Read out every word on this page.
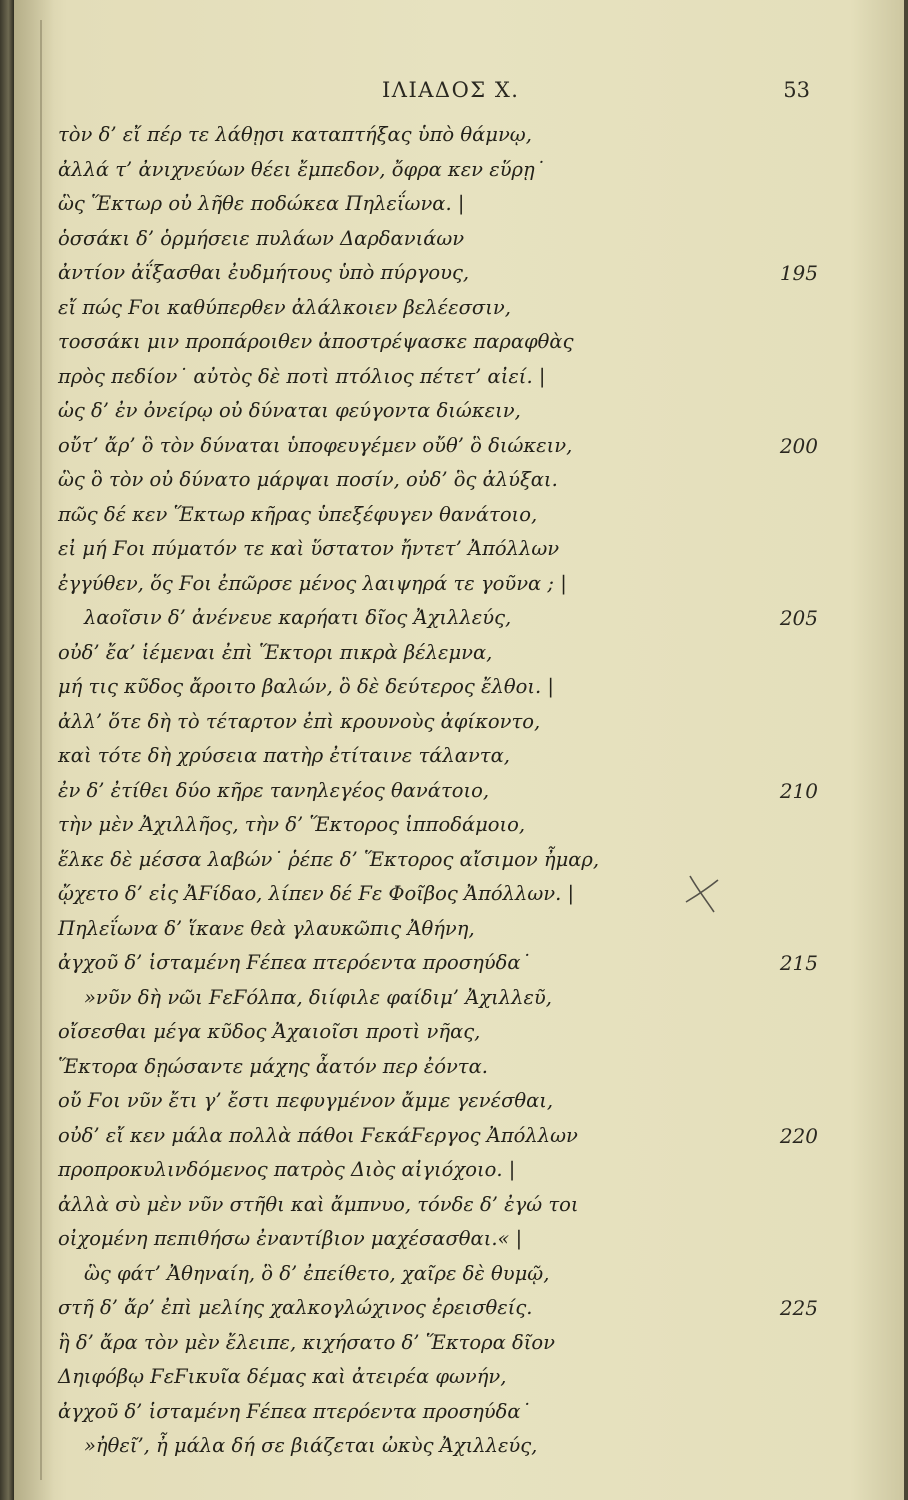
ΙΛΙΑΔΟΣ Χ.	53
τὸν δ’ εἴ πέρ τε λάθῃσι καταπτήξας ὑπὸ θάμνῳ,
ἀλλά τ’ ἀνιχνεύων θέει ἔμπεδον, ὄφρα κεν εὕρῃ˙
ὣς Ἕκτωρ οὐ λῆθε ποδώκεα Πηλεΐωνα. |
ὁσσάκι δ’ ὁρμήσειε πυλάων Δαρδανιάων
ἀντίον ἀΐξασθαι ἐυδμήτους ὑπὸ πύργους,	195
εἴ πώς Ϝοι καθύπερθεν ἀλάλκοιεν βελέεσσιν,
τοσσάκι μιν προπάροιθεν ἀποστρέψασκε παραφθὰς
πρὸς πεδίον˙ αὐτὸς δὲ ποτὶ πτόλιος πέτετ’ αἰεί. |
ὡς δ’ ἐν ὀνείρῳ οὐ δύναται φεύγοντα διώκειν,
οὔτ’ ἄρ’ ὃ τὸν δύναται ὑποφευγέμεν οὔθ’ ὃ διώκειν,	200
ὣς ὃ τὸν οὐ δύνατο μάρψαι ποσίν, οὐδ’ ὃς ἀλύξαι.
πῶς δέ κεν Ἕκτωρ κῆρας ὑπεξέφυγεν θανάτοιο,
εἰ μή Ϝοι πύματόν τε καὶ ὕστατον ἤντετ’ Ἀπόλλων
ἐγγύθεν, ὅς Ϝοι ἐπῶρσε μένος λαιψηρά τε γοῦνα ; |
λαοῖσιν δ’ ἀνένευε καρήατι δῖος Ἀχιλλεύς,	205
οὐδ’ ἔα’ ἱέμεναι ἐπὶ Ἕκτορι πικρὰ βέλεμνα,
μή τις κῦδος ἄροιτο βαλών, ὃ δὲ δεύτερος ἔλθοι. |
ἀλλ’ ὅτε δὴ τὸ τέταρτον ἐπὶ κρουνοὺς ἀφίκοντο,
καὶ τότε δὴ χρύσεια πατὴρ ἐτίταινε τάλαντα,
ἐν δ’ ἐτίθει δύο κῆρε τανηλεγέος θανάτοιο,	210
τὴν μὲν Ἀχιλλῆος, τὴν δ’ Ἕκτορος ἱπποδάμοιο,
ἕλκε δὲ μέσσα λαβών˙ ῥέπε δ’ Ἕκτορος αἴσιμον ἦμαρ,
ᾤχετο δ’ εἰς ἈϜίδαο, λίπεν δέ Ϝε Φοῖβος Ἀπόλλων. |
Πηλεΐωνα δ’ ἵκανε θεὰ γλαυκῶπις Ἀθήνη,
ἀγχοῦ δ’ ἱσταμένη Ϝέπεα πτερόεντα προσηύδα˙	215
»νῦν δὴ νῶι ϜεϜόλπα, διίφιλε φαίδιμ’ Ἀχιλλεῦ,
οἴσεσθαι μέγα κῦδος Ἀχαιοῖσι προτὶ νῆας,
Ἕκτορα δῃώσαντε μάχης ἆατόν περ ἐόντα.
οὔ Ϝοι νῦν ἔτι γ’ ἔστι πεφυγμένον ἄμμε γενέσθαι,
οὐδ’ εἴ κεν μάλα πολλὰ πάθοι ϜεκάϜεργος Ἀπόλλων	220
προπροκυλινδόμενος πατρὸς Διὸς αἰγιόχοιο. |
ἀλλὰ σὺ μὲν νῦν στῆθι καὶ ἄμπνυο, τόνδε δ’ ἐγώ τοι
οἰχομένη πεπιθήσω ἐναντίβιον μαχέσασθαι.« |
ὣς φάτ’ Ἀθηναίη, ὃ δ’ ἐπείθετο, χαῖρε δὲ θυμῷ,
στῆ δ’ ἄρ’ ἐπὶ μελίης χαλκογλώχινος ἐρεισθείς.	225
ἣ δ’ ἄρα τὸν μὲν ἔλειπε, κιχήσατο δ’ Ἕκτορα δῖον
Δηιφόβῳ ϜεϜικυῖα δέμας καὶ ἀτειρέα φωνήν,
ἀγχοῦ δ’ ἱσταμένη Ϝέπεα πτερόεντα προσηύδα˙
»ἠθεῖ’, ἦ μάλα δή σε βιάζεται ὠκὺς Ἀχιλλεύς,
